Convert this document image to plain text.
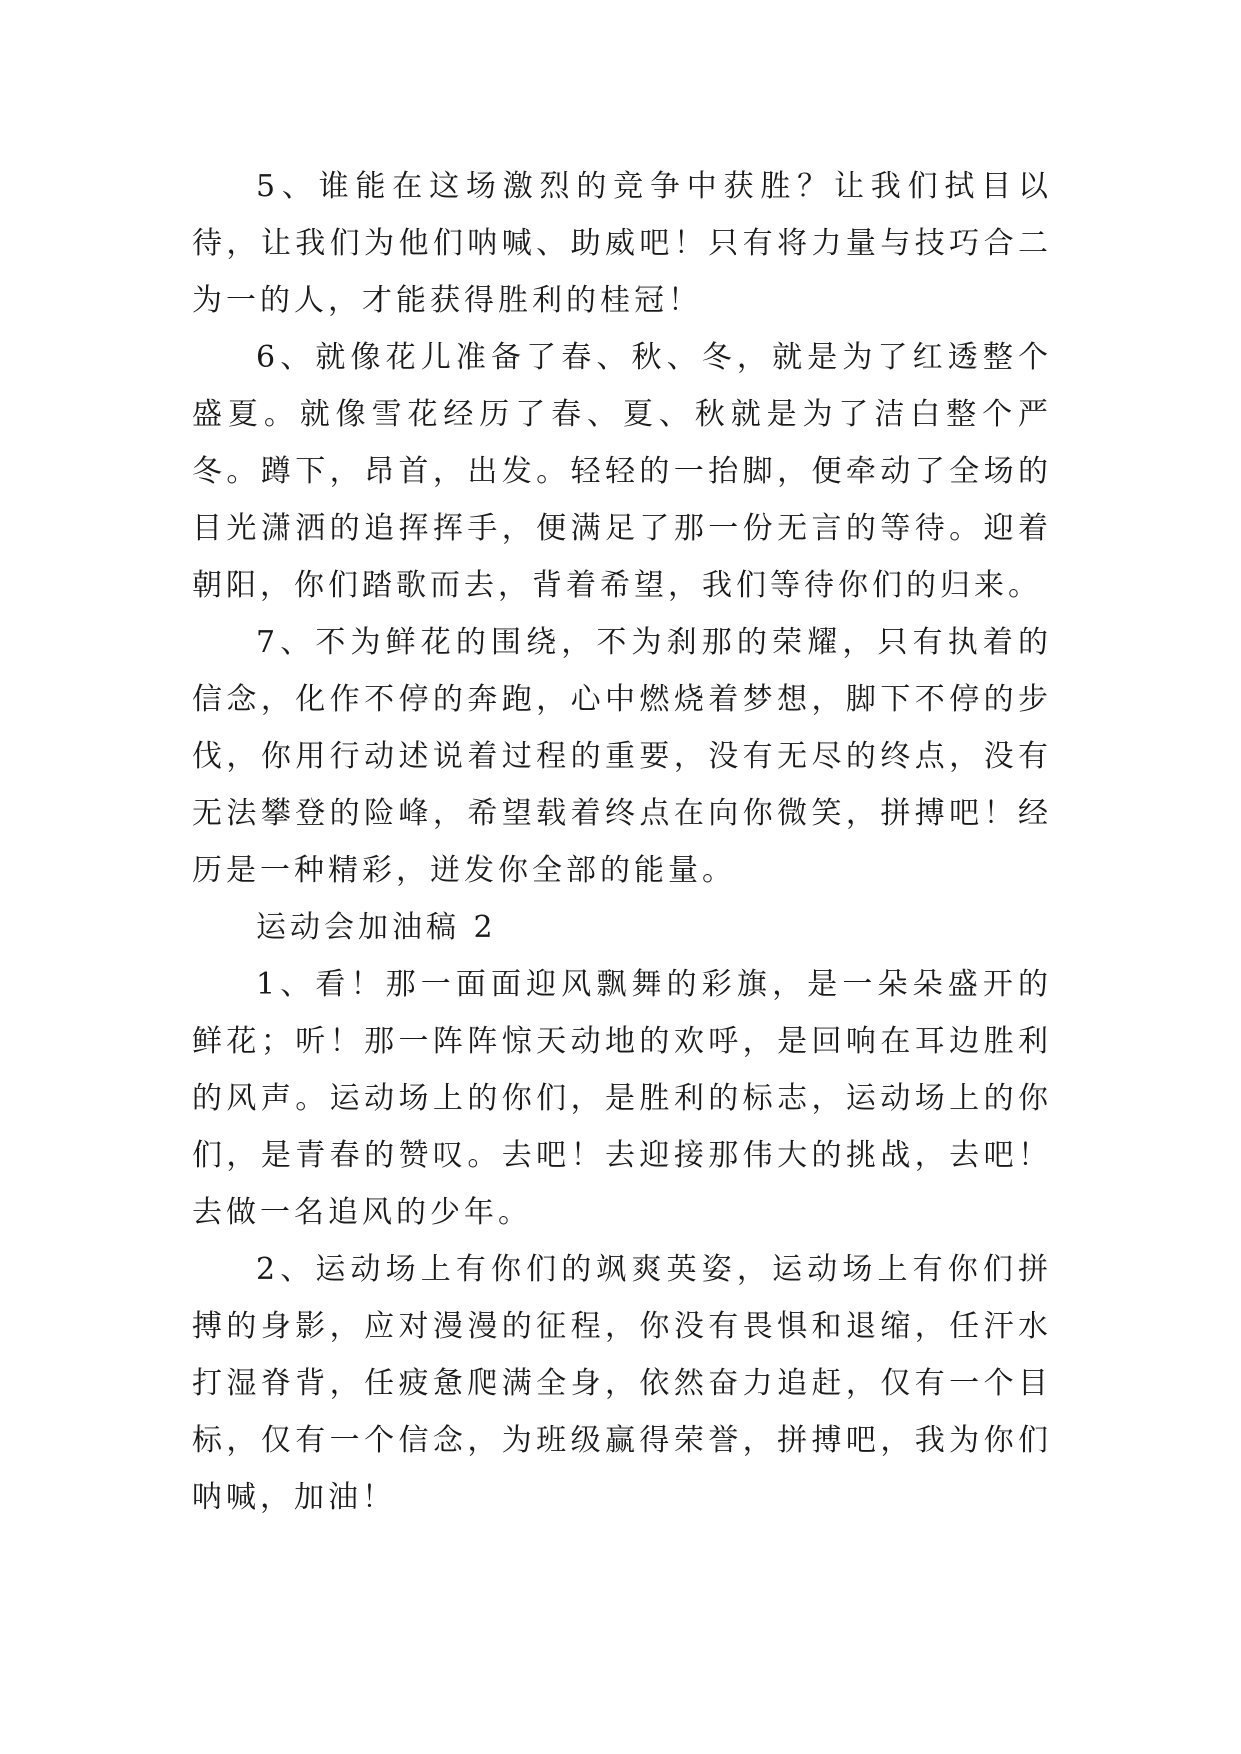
5、谁能在这场激烈的竞争中获胜？让我们拭目以待，让我们为他们呐喊、助威吧！只有将力量与技巧合二为一的人，才能获得胜利的桂冠！

6、就像花儿准备了春、秋、冬，就是为了红透整个盛夏。就像雪花经历了春、夏、秋就是为了洁白整个严冬。蹲下，昂首，出发。轻轻的一抬脚，便牵动了全场的目光潇洒的追挥挥手，便满足了那一份无言的等待。迎着朝阳，你们踏歌而去，背着希望，我们等待你们的归来。

7、不为鲜花的围绕，不为刹那的荣耀，只有执着的信念，化作不停的奔跑，心中燃烧着梦想，脚下不停的步伐，你用行动述说着过程的重要，没有无尽的终点，没有无法攀登的险峰，希望载着终点在向你微笑，拼搏吧！经历是一种精彩，迸发你全部的能量。

运动会加油稿 2

1、看！那一面面迎风飘舞的彩旗，是一朵朵盛开的鲜花；听！那一阵阵惊天动地的欢呼，是回响在耳边胜利的风声。运动场上的你们，是胜利的标志，运动场上的你们，是青春的赞叹。去吧！去迎接那伟大的挑战，去吧！去做一名追风的少年。

2、运动场上有你们的飒爽英姿，运动场上有你们拼搏的身影，应对漫漫的征程，你没有畏惧和退缩，任汗水打湿脊背，任疲惫爬满全身，依然奋力追赶，仅有一个目标，仅有一个信念，为班级赢得荣誉，拼搏吧，我为你们呐喊，加油！
